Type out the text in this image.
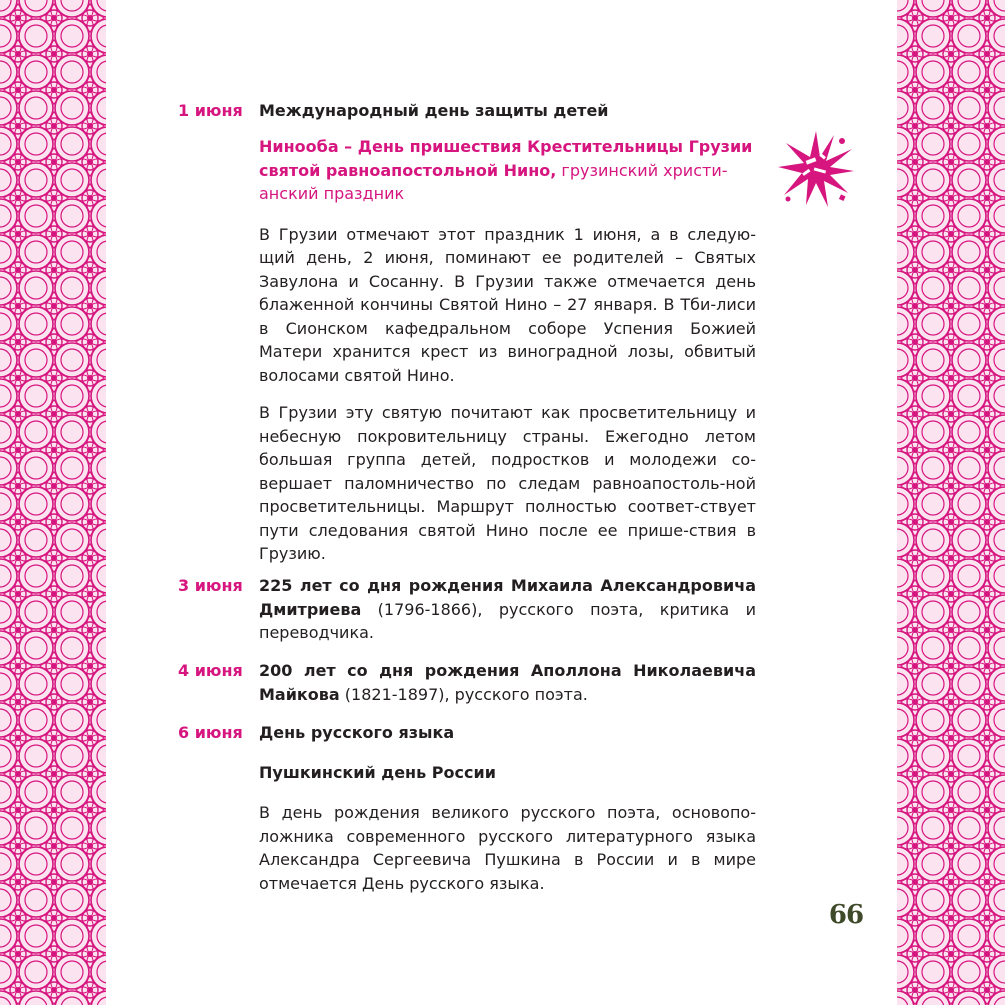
1 июня	Международный день защиты детей
Ниноoба – День пришествия Крестительницы Грузии святой равноапостольной Нино, грузинский христи-анский праздник

В Грузии отмечают этот праздник 1 июня, а в следую-щий день, 2 июня, поминают ее родителей – Святых Завулона и Сосанну. В Грузии также отмечается день блаженной кончины Святой Нино – 27 января. В Тби-лиси в Сионском кафедральном соборе Успения Божией Матери хранится крест из виноградной лозы, обвитый волосами святой Нино.

В Грузии эту святую почитают как просветительницу и небесную покровительницу страны. Ежегодно летом большая группа детей, подростков и молодежи со-вершает паломничество по следам равноапостоль-ной просветительницы. Маршрут полностью соответ-ствует пути следования святой Нино после ее прише-ствия в Грузию.

3 июня	225 лет со дня рождения Михаила Александровича Дмитриева (1796-1866), русского поэта, критика и переводчика.

4 июня	200 лет со дня рождения Аполлона Николаевича Майкова (1821-1897), русского поэта.

6 июня	День русского языка
Пушкинский день России

В день рождения великого русского поэта, основопо-ложника современного русского литературного языка Александра Сергеевича Пушкина в России и в мире отмечается День русского языка.

66
